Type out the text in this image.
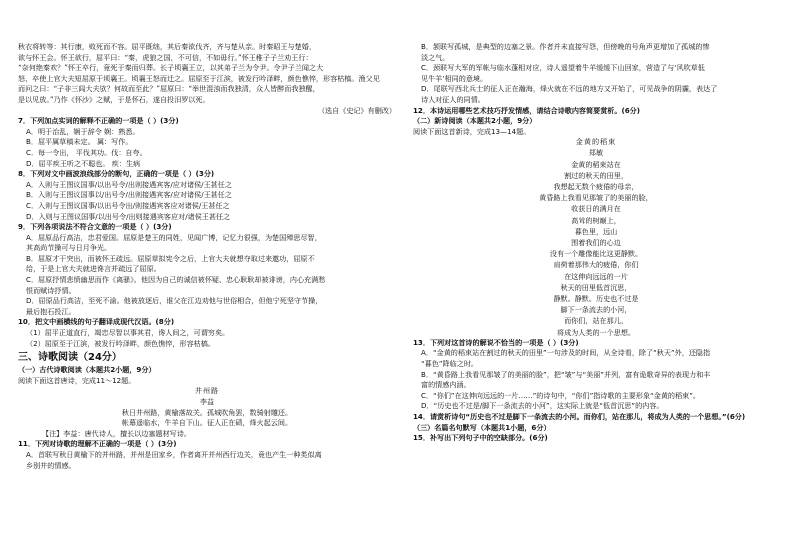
秋衣将转等：其行康，败死而不容。屈平既绌，其后秦欲伐齐，齐与楚从亲。时秦昭王与楚婚，

欲与怀王会。怀王欲行，屈平曰：“秦，虎狼之国，不可信，不如毋行。”怀王稚子子兰劝王行：

“奈何绝秦欢？”怀王卒行，竟死于秦而归葬。长子顷襄王立，以其弟子兰为令尹。令尹子兰闻之大

怒，卒使上官大夫短屈原于顷襄王。顷襄王怒而迁之。屈原至于江滨，被发行吟泽畔，颜色憔悴，形容枯槁。渔父见

而问之曰：“子非三闾大夫欤？何故而至此？”屈原曰：“举世混浊而我独清，众人皆醉而我独醒，

是以见放。”乃作《怀沙》之赋，于是怀石，遂自投汨罗以死。

（选自《史记》有删改）

7．下列加点实词的解释不正确的一项是（ ）(3分)

A．明于治乱，娴于辞令 娴：熟悉。

B．屈平属草稿未定。 属：写作。

C．每一令出， 平伐其功。伐：自夸。

D．屈平疾王听之不聪也。 疾：生病

8．下列对文中画波浪线部分的断句，正确的一项是（ ）(3分)

A．入则与王图议国事/以出号令/出则接遇宾客/应对诸侯/王甚任之

B．入则与王图议国事以/出号令/出则接遇宾客/应对诸侯/王甚任之

C．入则与王图议国事/以出号令出/则接遇宾客应对诸侯/王甚任之

D．入则与王图议国事/以出号令/出则接遇宾客应对/诸侯王甚任之

9．下列各项说法不符合文意的一项是（ ）(3分)

A．屈原品行高洁，忠君爱国。屈原是楚王的同姓，见闻广博，记忆力很强，为楚国殚思尽智，

其高尚节操可与日月争光。

B．屈原才干突出，而被怀王疏远。屈原草拟宪令之后，上官大夫就想夺取过来邀功，屈原不

给，于是上官大夫就进谗言并疏远了屈原。

C．屈原抒情悲愤幽思而作《离骚》。他因为自己的诚信被怀疑、忠心耿耿却被诽谤，内心充满愁

恨而赋诗抒情。

D．屈原品行高洁，至死不渝。他被放逐后，谁父在江边劝他与世俗相合，但他宁死坚守节操，

最后抱石投江。

10．把文中画横线的句子翻译成现代汉语。(8分)

（1）屈平正道直行，竭忠尽智以事其君，谗人间之，可谓穷矣。

（2）屈原至于江滨，被发行吟泽畔，颜色憔悴，形容枯槁。

三、诗歌阅读（24分）

（一）古代诗歌阅读（本题共2小题，9分）

阅读下面这首唐诗，完成11～12题。

井州路

李益

秋日井州路，黄榆落故关。孤城吹角罢，数骑射雕还。

帐幕遥临水，牛羊自下山。征人正在碛，烽火起云间。

【注】李益：唐代诗人，擅长以边塞题材写诗。

11．下列对诗歌的理解不正确的一项是（ ）(3分)

A．首联写秋日黄榆下的并州路，并州是田家乡，作者离开并州西行边关，竟也产生一种类似离

乡别井的情感。

B．颔联写孤城，是典型的边塞之景。作者并未直接写怨，但傍晚的号角声更增加了孤城的惨

淡之气。

C．颈联写大军的军帐与临水蓬相对应，诗人遥望着牛羊缓缓下山回家，营造了与‘风吹草低

见牛羊’相同的意境。

D．尾联写西北兵士的征人正在瀚海，烽火就在不远的地方又开始了，可见战争的阴霾，表达了

诗人对征人的同情。

12．本诗运用哪些艺术技巧抒发情感，请结合诗歌内容简要赏析。(6分)

（二）新诗阅读（本题共2小题，9分）

阅读下面这首新诗，完成13—14题。

金黄的稻束

郑敏

金黄的稻束站在

割过的秋天的田里，

我想起无数个疲倦的母亲，

黄昏路上我看见那皱了的美丽的脸，

收获日的满月在

高耸的树巅上，

暮色里，远山

围着我们的心边

没有一个雕像能比这更静默。

肩荷着那伟大的疲倦，你们

在这伸向远远的一片

秋天的田里低首沉思，

静默。静默。历史也不过是

脚下一条流去的小河，

而你们，站在那儿，

将成为人类的一个思想。

13．下列对这首诗的解说不恰当的一项是（ ）(3分)

A．“金黄的稻束站在割过的秋天的田里”一句涉及的时间，从全诗看，除了“秋天”外，还隐指

“暮色”降临之时。

B．“黄昏路上我看见那皱了的美丽的脸”，把“皱”与“美丽”并列，富有诡歌奇异的表现力和丰

富的情感内涵。

C．“你们”在这伸向远远的一片……”的诗句中，“你们”指诗歌的主要形象“金黄的稻束”。

D．“历史也不过是/脚下一条流去的小河”，这实际上就是“低首沉思”的内容。

14．请赏析诗句“历史也不过是脚下一条流去的小河。而你们，站在那儿，将成为人类的一个思想。”(6分)

（三）名篇名句默写（本题共1小题，6分）

15．补写出下列句子中的空缺部分。(6分)
